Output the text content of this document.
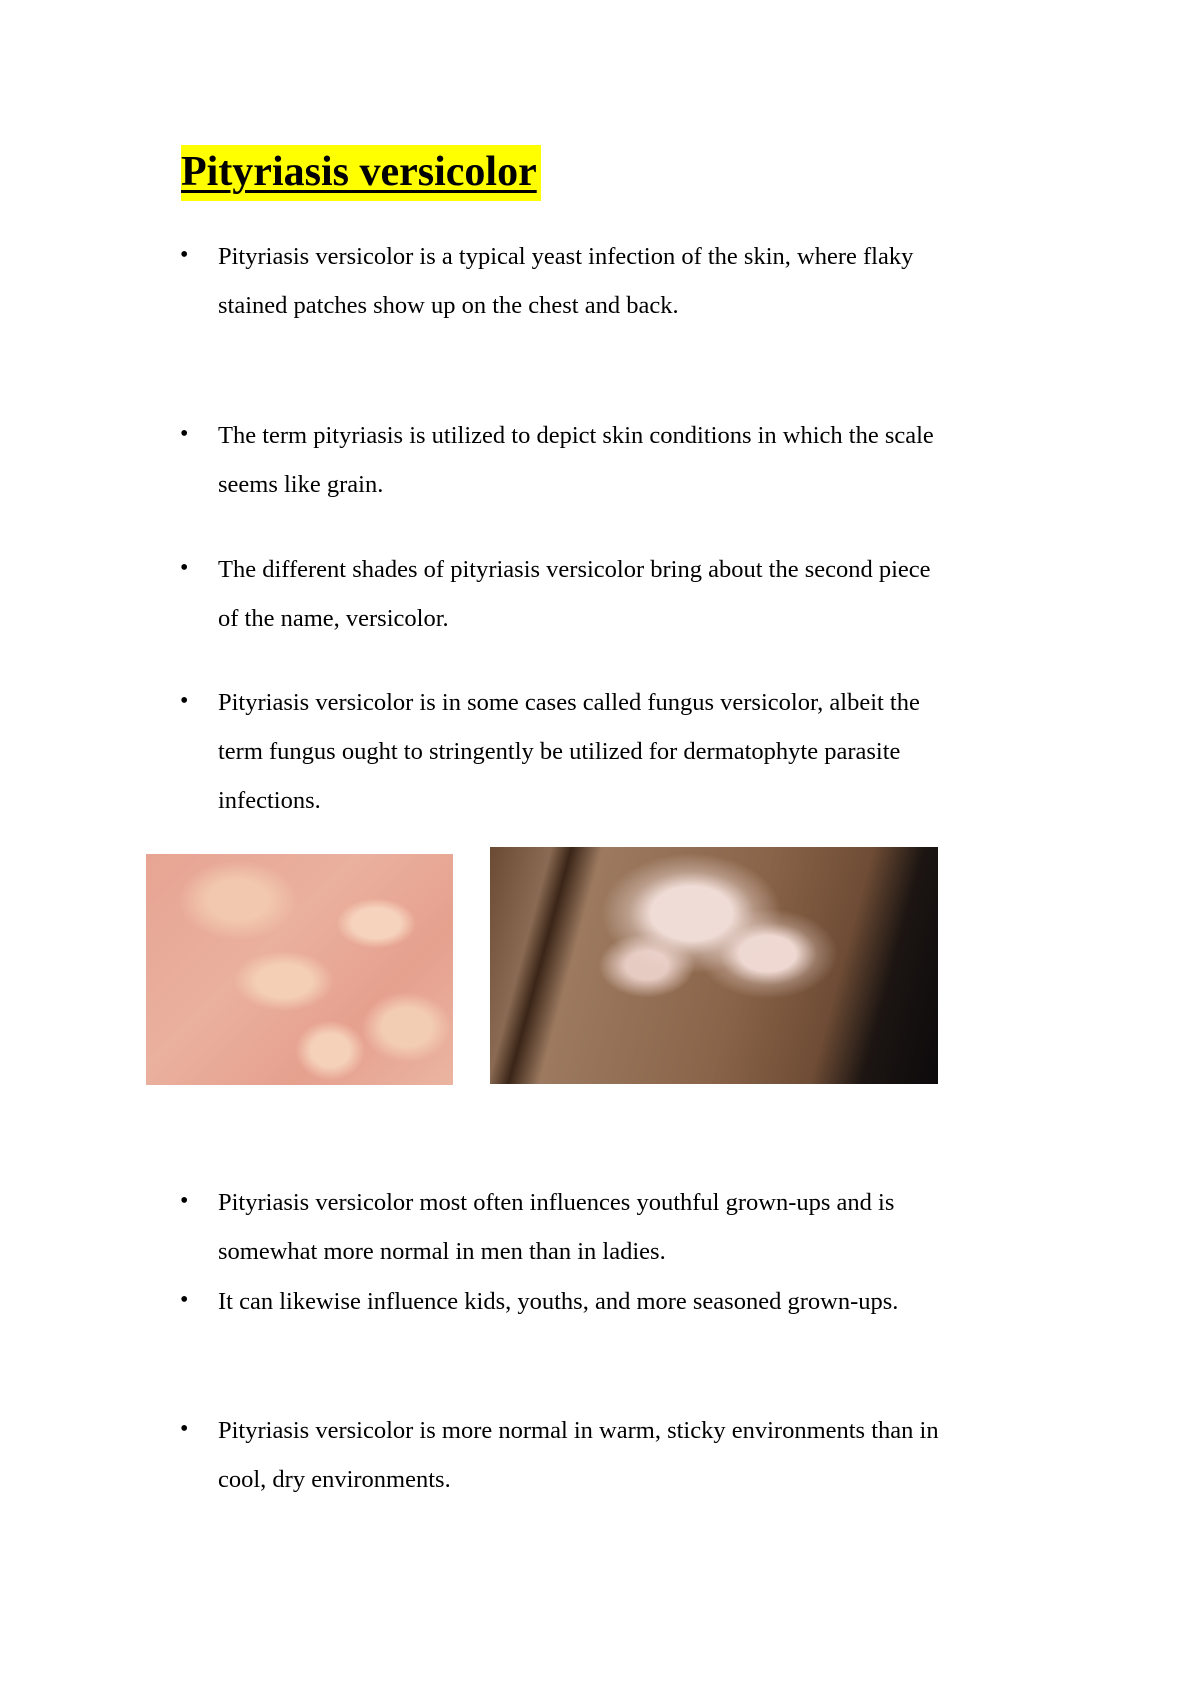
Pityriasis versicolor
• Pityriasis versicolor is a typical yeast infection of the skin, where flaky
stained patches show up on the chest and back.
• The term pityriasis is utilized to depict skin conditions in which the scale
seems like grain.
• The different shades of pityriasis versicolor bring about the second piece
of the name, versicolor.
• Pityriasis versicolor is in some cases called fungus versicolor, albeit the
term fungus ought to stringently be utilized for dermatophyte parasite
infections.
• Pityriasis versicolor most often influences youthful grown-ups and is
somewhat more normal in men than in ladies.
• It can likewise influence kids, youths, and more seasoned grown-ups.
• Pityriasis versicolor is more normal in warm, sticky environments than in
cool, dry environments.
